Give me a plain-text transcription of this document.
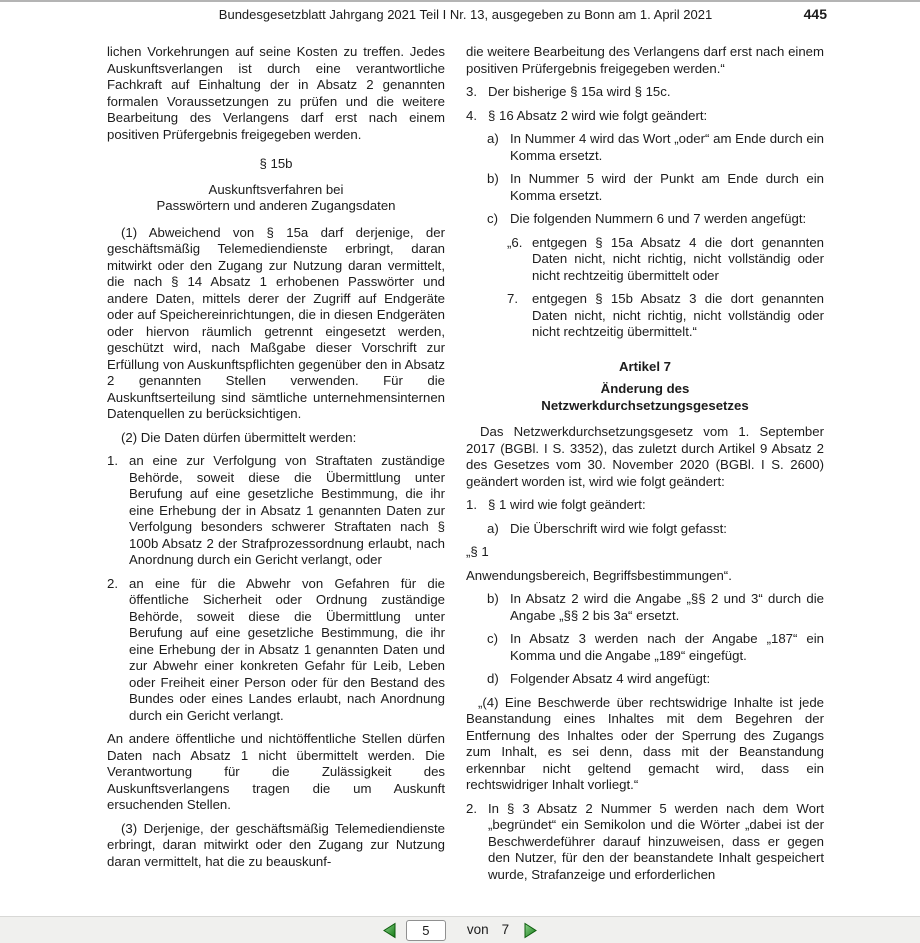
Bundesgesetzblatt Jahrgang 2021 Teil I Nr. 13, ausgegeben zu Bonn am 1. April 2021	445

lichen Vorkehrungen auf seine Kosten zu treffen. Jedes Auskunftsverlangen ist durch eine verantwortliche Fachkraft auf Einhaltung der in Absatz 2 genannten formalen Voraussetzungen zu prüfen und die weitere Bearbeitung des Verlangens darf erst nach einem positiven Prüfergebnis freigegeben werden.

§ 15b
Auskunftsverfahren bei
Passwörtern und anderen Zugangsdaten

(1) Abweichend von § 15a darf derjenige, der geschäftsmäßig Telemediendienste erbringt, daran mitwirkt oder den Zugang zur Nutzung daran vermittelt, die nach § 14 Absatz 1 erhobenen Passwörter und andere Daten, mittels derer der Zugriff auf Endgeräte oder auf Speichereinrichtungen, die in diesen Endgeräten oder hiervon räumlich getrennt eingesetzt werden, geschützt wird, nach Maßgabe dieser Vorschrift zur Erfüllung von Auskunftspflichten gegenüber den in Absatz 2 genannten Stellen verwenden. Für die Auskunftserteilung sind sämtliche unternehmensinternen Datenquellen zu berücksichtigen.

(2) Die Daten dürfen übermittelt werden:

1. an eine zur Verfolgung von Straftaten zuständige Behörde, soweit diese die Übermittlung unter Berufung auf eine gesetzliche Bestimmung, die ihr eine Erhebung der in Absatz 1 genannten Daten zur Verfolgung besonders schwerer Straftaten nach § 100b Absatz 2 der Strafprozessordnung erlaubt, nach Anordnung durch ein Gericht verlangt, oder

2. an eine für die Abwehr von Gefahren für die öffentliche Sicherheit oder Ordnung zuständige Behörde, soweit diese die Übermittlung unter Berufung auf eine gesetzliche Bestimmung, die ihr eine Erhebung der in Absatz 1 genannten Daten und zur Abwehr einer konkreten Gefahr für Leib, Leben oder Freiheit einer Person oder für den Bestand des Bundes oder eines Landes erlaubt, nach Anordnung durch ein Gericht verlangt.

An andere öffentliche und nichtöffentliche Stellen dürfen Daten nach Absatz 1 nicht übermittelt werden. Die Verantwortung für die Zulässigkeit des Auskunftsverlangens tragen die um Auskunft ersuchenden Stellen.

(3) Derjenige, der geschäftsmäßig Telemediendienste erbringt, daran mitwirkt oder den Zugang zur Nutzung daran vermittelt, hat die zu beauskunf-

die weitere Bearbeitung des Verlangens darf erst nach einem positiven Prüfergebnis freigegeben werden.“

3. Der bisherige § 15a wird § 15c.

4. § 16 Absatz 2 wird wie folgt geändert:

a) In Nummer 4 wird das Wort „oder“ am Ende durch ein Komma ersetzt.

b) In Nummer 5 wird der Punkt am Ende durch ein Komma ersetzt.

c) Die folgenden Nummern 6 und 7 werden angefügt:

„6. entgegen § 15a Absatz 4 die dort genannten Daten nicht, nicht richtig, nicht vollständig oder nicht rechtzeitig übermittelt oder

7.	entgegen § 15b Absatz 3 die dort genannten Daten nicht, nicht richtig, nicht vollständig oder nicht rechtzeitig übermittelt.“

Artikel 7
Änderung des
Netzwerkdurchsetzungsgesetzes

Das Netzwerkdurchsetzungsgesetz vom 1. September 2017 (BGBl. I S. 3352), das zuletzt durch Artikel 9 Absatz 2 des Gesetzes vom 30. November 2020 (BGBl. I S. 2600) geändert worden ist, wird wie folgt geändert:

1. § 1 wird wie folgt geändert:

a) Die Überschrift wird wie folgt gefasst:

„§ 1

Anwendungsbereich, Begriffsbestimmungen“.

b) In Absatz 2 wird die Angabe „§§ 2 und 3“ durch die Angabe „§§ 2 bis 3a“ ersetzt.

c) In Absatz 3 werden nach der Angabe „187“ ein Komma und die Angabe „189“ eingefügt.

d) Folgender Absatz 4 wird angefügt:

„(4) Eine Beschwerde über rechtswidrige Inhalte ist jede Beanstandung eines Inhaltes mit dem Begehren der Entfernung des Inhaltes oder der Sperrung des Zugangs zum Inhalt, es sei denn, dass mit der Beanstandung erkennbar nicht geltend gemacht wird, dass ein rechtswidriger Inhalt vorliegt.“

2. In § 3 Absatz 2 Nummer 5 werden nach dem Wort „begründet“ ein Semikolon und die Wörter „dabei ist der Beschwerdeführer darauf hinzuweisen, dass er gegen den Nutzer, für den der beanstandete Inhalt gespeichert wurde, Strafanzeige und erforderlichen

5
von 7
